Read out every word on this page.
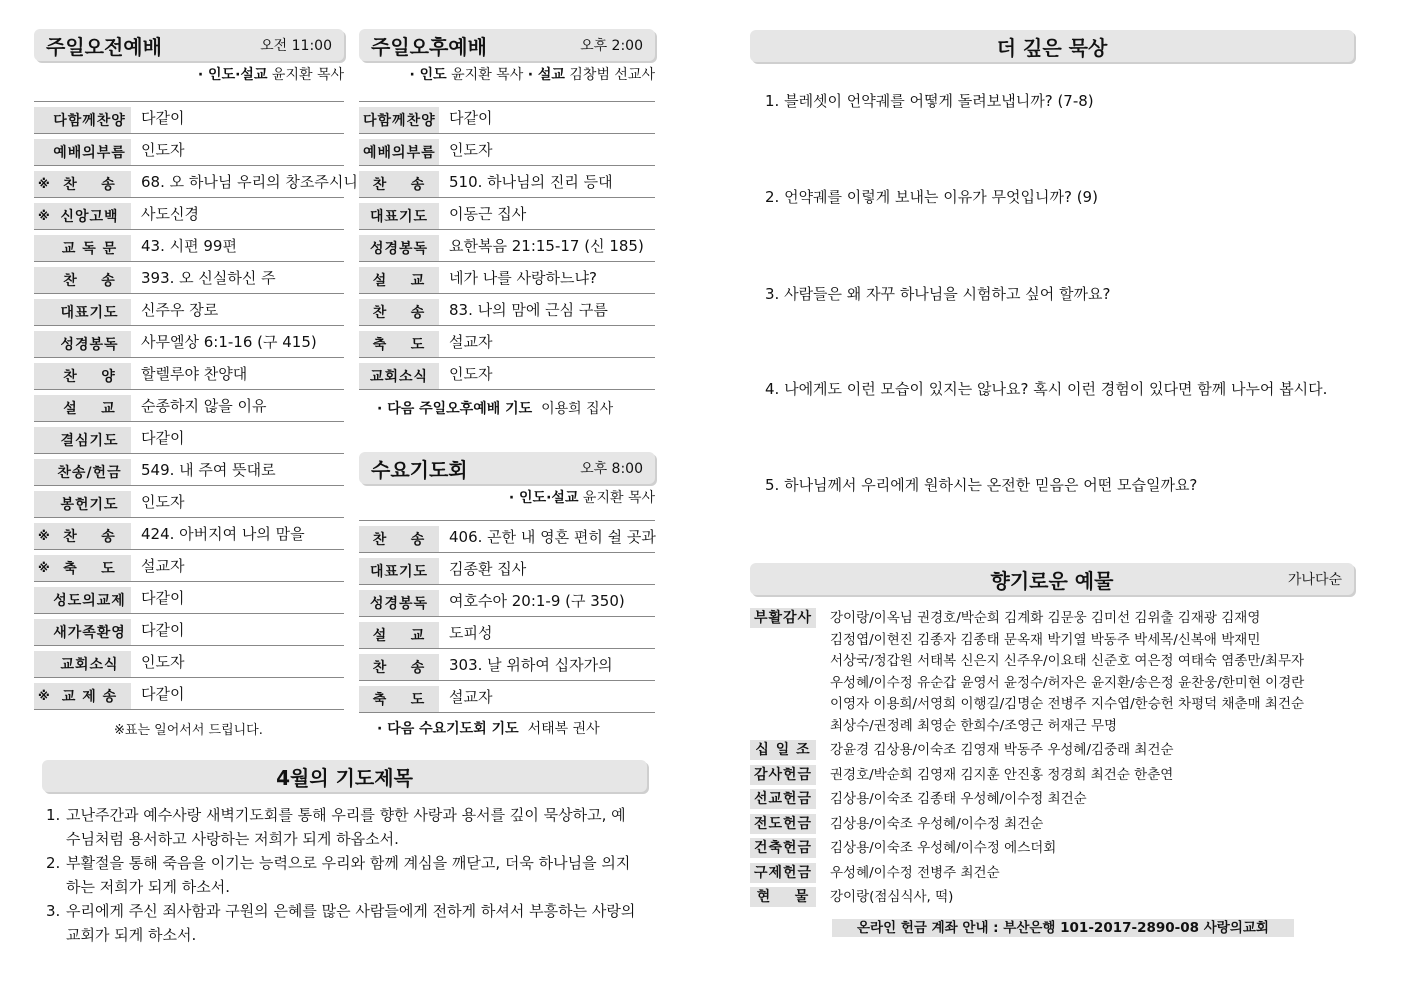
주일오전예배	오전 11:00
· 인도·설교 윤지환 목사
다함께찬양	다같이
예배의부름	인도자
※ 찬    송	68. 오 하나님 우리의 창조주시니
※ 신앙고백	사도신경
교 독 문	43. 시편 99편
찬    송	393. 오 신실하신 주
대표기도	신주우 장로
성경봉독	사무엘상 6:1-16 (구 415)
찬    양	할렐루야 찬양대
설    교	순종하지 않을 이유
결심기도	다같이
찬송/헌금	549. 내 주여 뜻대로
봉헌기도	인도자
※ 찬    송	424. 아버지여 나의 맘을
※ 축    도	설교자
성도의교제	다같이
새가족환영	다같이
교회소식	인도자
※ 교 제 송	다같이
※표는 일어서서 드립니다.
주일오후예배	오후 2:00
· 인도 윤지환 목사 · 설교 김창범 선교사
다함께찬양 다같이
예배의부름 인도자
찬    송	510. 하나님의 진리 등대
대표기도	이동근 집사
성경봉독	요한복음 21:15-17 (신 185)
설    교	네가 나를 사랑하느냐?
찬    송	83. 나의 맘에 근심 구름
축    도	설교자
교회소식	인도자
· 다음 주일오후예배 기도 이용희 집사
수요기도회	오후 8:00
· 인도·설교 윤지환 목사
찬    송	406. 곤한 내 영혼 편히 쉴 곳과
대표기도	김종환 집사
성경봉독	여호수아 20:1-9 (구 350)
설    교	도피성
찬    송	303. 날 위하여 십자가의
축    도	설교자
· 다음 수요기도회 기도 서태복 권사
4월의 기도제목
1. 고난주간과 예수사랑 새벽기도회를 통해 우리를 향한 사랑과 용서를 깊이 묵상하고, 예수님처럼 용서하고 사랑하는 저희가 되게 하옵소서.
2. 부활절을 통해 죽음을 이기는 능력으로 우리와 함께 계심을 깨닫고, 더욱 하나님을 의지하는 저희가 되게 하소서.
3. 우리에게 주신 죄사함과 구원의 은혜를 많은 사람들에게 전하게 하셔서 부흥하는 사랑의교회가 되게 하소서.
더 깊은 묵상
1. 블레셋이 언약궤를 어떻게 돌려보냅니까? (7-8)
2. 언약궤를 이렇게 보내는 이유가 무엇입니까? (9)
3. 사람들은 왜 자꾸 하나님을 시험하고 싶어 할까요?
4. 나에게도 이런 모습이 있지는 않나요? 혹시 이런 경험이 있다면 함께 나누어 봅시다.
5. 하나님께서 우리에게 원하시는 온전한 믿음은 어떤 모습일까요?
향기로운 예물	가나다순
부활감사	강이랑/이옥님 권경호/박순희 김계화 김문웅 김미선 김위출 김재광 김재영
김정엽/이현진 김종자 김종태 문옥재 박기열 박동주 박세목/신복애 박재민
서상국/정갑원 서태복 신은지 신주우/이요태 신준호 여은정 여태숙 염종만/최무자
우성혜/이수정 유순갑 윤영서 윤정수/허자은 윤지환/송은정 윤찬웅/한미현 이경란
이영자 이용희/서영희 이행길/김명순 전병주 지수엽/한승헌 차평덕 채춘매 최건순
최상수/권정례 최영순 한희수/조영근 허재근 무명
십 일 조	강윤경 김상용/이숙조 김영재 박동주 우성혜/김중래 최건순
감사헌금	권경호/박순희 김영재 김지훈 안진홍 정경희 최건순 한춘연
선교헌금	김상용/이숙조 김종태 우성혜/이수정 최건순
전도헌금	김상용/이숙조 우성혜/이수정 최건순
건축헌금	김상용/이숙조 우성혜/이수정 에스더회
구제헌금	우성혜/이수정 전병주 최건순
현    물	강이랑(점심식사, 떡)
온라인 헌금 계좌 안내 : 부산은행 101-2017-2890-08 사랑의교회
